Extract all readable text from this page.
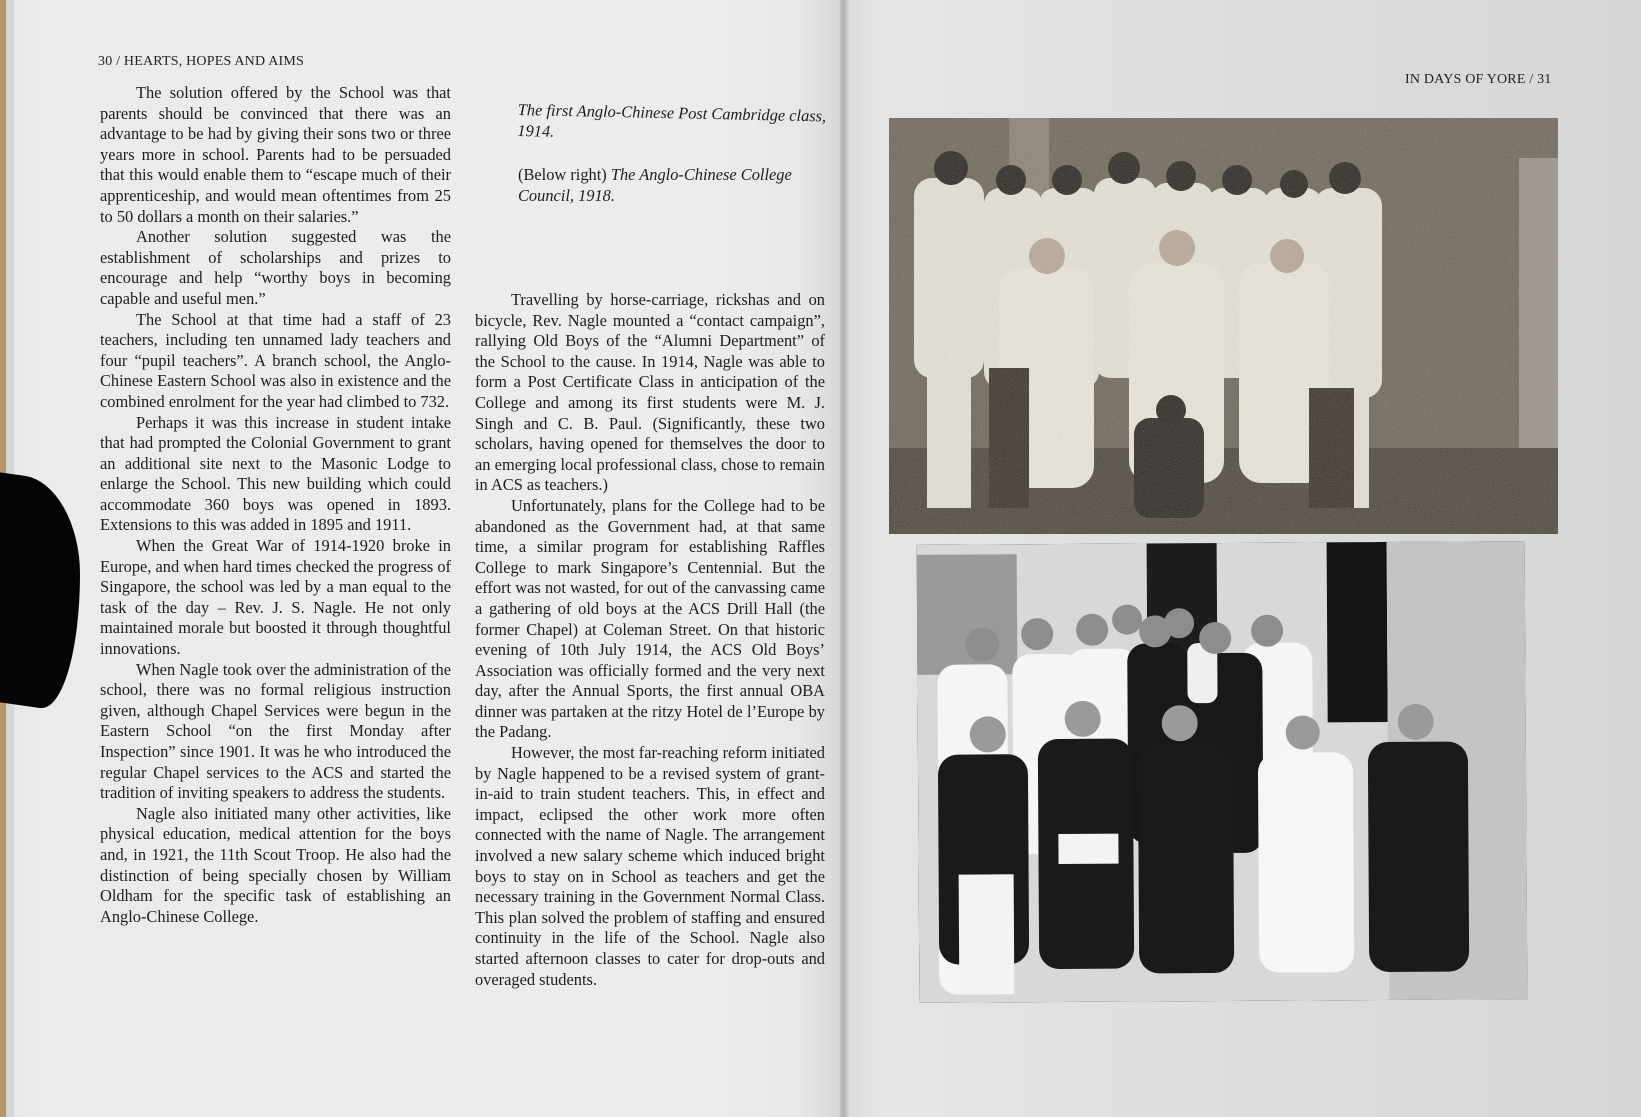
30 / HEARTS, HOPES AND AIMS

The solution offered by the School was that parents should be convinced that there was an advantage to be had by giving their sons two or three years more in school. Parents had to be persuaded that this would enable them to “escape much of their apprenticeship, and would mean oftentimes from 25 to 50 dollars a month on their salaries.”

Another solution suggested was the establishment of scholarships and prizes to encourage and help “worthy boys in becoming capable and useful men.”

The School at that time had a staff of 23 teachers, including ten unnamed lady teachers and four “pupil teachers”. A branch school, the Anglo-Chinese Eastern School was also in existence and the combined enrolment for the year had climbed to 732.

Perhaps it was this increase in student intake that had prompted the Colonial Government to grant an additional site next to the Masonic Lodge to enlarge the School. This new building which could accommodate 360 boys was opened in 1893. Extensions to this was added in 1895 and 1911.

When the Great War of 1914-1920 broke in Europe, and when hard times checked the progress of Singapore, the school was led by a man equal to the task of the day – Rev. J. S. Nagle. He not only maintained morale but boosted it through thoughtful innovations.

When Nagle took over the administration of the school, there was no formal religious instruction given, although Chapel Services were begun in the Eastern School “on the first Monday after Inspection” since 1901. It was he who introduced the regular Chapel services to the ACS and started the tradition of inviting speakers to address the students.

Nagle also initiated many other activities, like physical education, medical attention for the boys and, in 1921, the 11th Scout Troop. He also had the distinction of being specially chosen by William Oldham for the specific task of establishing an Anglo-Chinese College.

The first Anglo-Chinese Post Cambridge class, 1914.
(Below right) The Anglo-Chinese College Council, 1918.

Travelling by horse-carriage, rickshas and on bicycle, Rev. Nagle mounted a “contact campaign”, rallying Old Boys of the “Alumni Department” of the School to the cause. In 1914, Nagle was able to form a Post Certificate Class in anticipation of the College and among its first students were M. J. Singh and C. B. Paul. (Significantly, these two scholars, having opened for themselves the door to an emerging local professional class, chose to remain in ACS as teachers.)

Unfortunately, plans for the College had to be abandoned as the Government had, at that same time, a similar program for establishing Raffles College to mark Singapore’s Centennial. But the effort was not wasted, for out of the canvassing came a gathering of old boys at the ACS Drill Hall (the former Chapel) at Coleman Street. On that historic evening of 10th July 1914, the ACS Old Boys’ Association was officially formed and the very next day, after the Annual Sports, the first annual OBA dinner was partaken at the ritzy Hotel de l’Europe by the Padang.

However, the most far-reaching reform initiated by Nagle happened to be a revised system of grant-in-aid to train student teachers. This, in effect and impact, eclipsed the other work more often connected with the name of Nagle. The arrangement involved a new salary scheme which induced bright boys to stay on in School as teachers and get the necessary training in the Government Normal Class. This plan solved the problem of staffing and ensured continuity in the life of the School. Nagle also started afternoon classes to cater for drop-outs and overaged students.

IN DAYS OF YORE / 31
